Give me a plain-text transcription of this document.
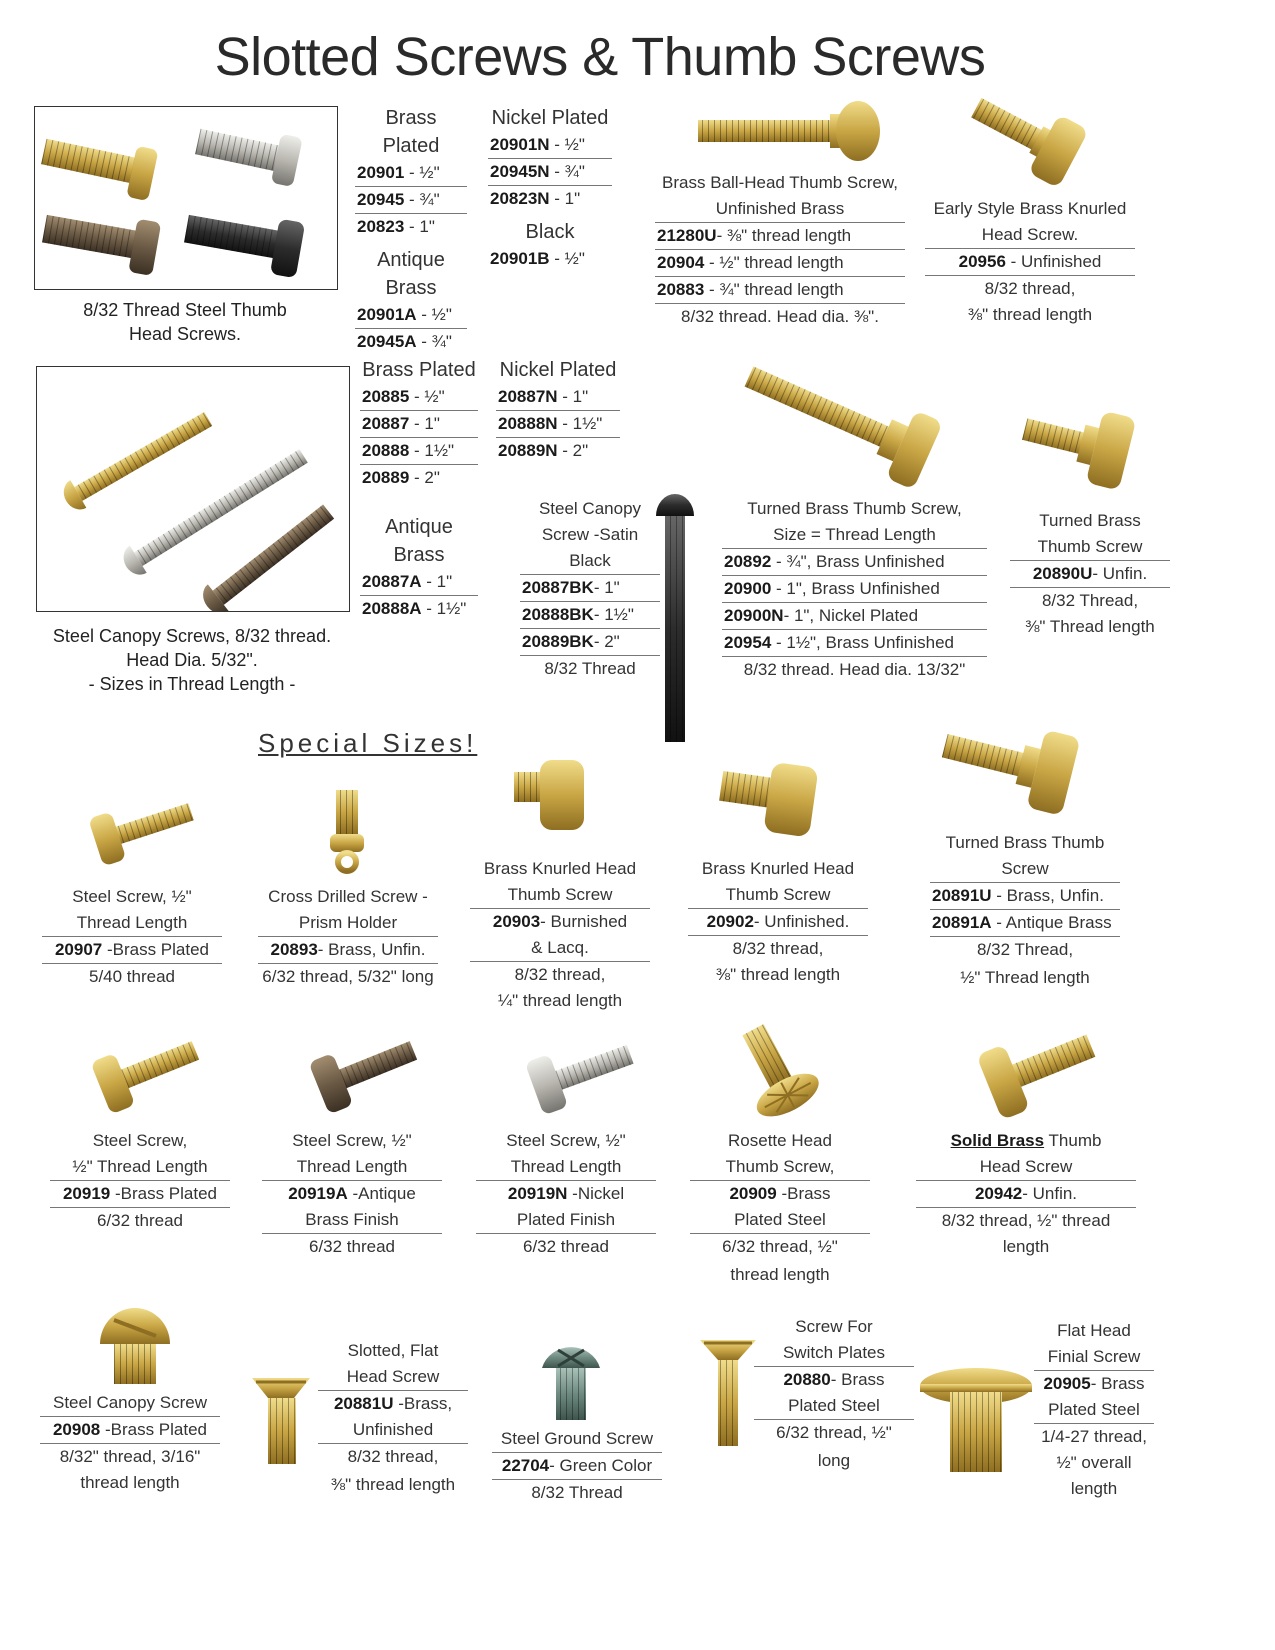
Slotted Screws & Thumb Screws
8/32 Thread Steel Thumb
Head Screws.
Brass Plated
20901 - ½"
20945 - ¾"
20823 - 1"
Antique Brass
20901A - ½"
20945A - ¾"
Nickel Plated
20901N - ½"
20945N - ¾"
20823N - 1"
Black
20901B - ½"
Brass Ball-Head Thumb Screw,
Unfinished Brass
21280U- ⅜" thread length
20904 - ½" thread length
20883 - ¾" thread length
8/32 thread. Head dia. ⅜".
Early Style Brass Knurled
Head Screw.
20956 - Unfinished
8/32 thread,
⅜" thread length
Steel Canopy Screws, 8/32 thread.
Head Dia. 5/32".
- Sizes in Thread Length -
Brass Plated
20885 - ½"
20887 - 1"
20888 - 1½"
20889 - 2"
Antique Brass
20887A - 1"
20888A - 1½"
Nickel Plated
20887N - 1"
20888N - 1½"
20889N - 2"
Steel Canopy
Screw -Satin
Black
20887BK- 1"
20888BK- 1½"
20889BK- 2"
8/32 Thread
Turned Brass Thumb Screw,
Size = Thread Length
20892 - ¾", Brass Unfinished
20900 - 1", Brass Unfinished
20900N- 1", Nickel Plated
20954 - 1½", Brass Unfinished
8/32 thread. Head dia. 13/32"
Turned Brass
Thumb Screw
20890U- Unfin.
8/32 Thread,
⅜" Thread length
Special Sizes!
Steel Screw, ½"
Thread Length
20907 -Brass Plated
5/40 thread
Cross Drilled Screw -
Prism Holder
20893- Brass, Unfin.
6/32 thread, 5/32" long
Brass Knurled Head
Thumb Screw
20903- Burnished
& Lacq.
8/32 thread,
¼" thread length
Brass Knurled Head
Thumb Screw
20902- Unfinished.
8/32 thread,
⅜" thread length
Turned Brass Thumb
Screw
20891U - Brass, Unfin.
20891A - Antique Brass
8/32 Thread,
½" Thread length
Steel Screw,
½" Thread Length
20919 -Brass Plated
6/32 thread
Steel Screw, ½"
Thread Length
20919A -Antique
Brass Finish
6/32 thread
Steel Screw, ½"
Thread Length
20919N -Nickel
Plated Finish
6/32 thread
Rosette Head
Thumb Screw,
20909 -Brass
Plated Steel
6/32 thread, ½"
thread length
Solid Brass Thumb
Head Screw
20942- Unfin.
8/32 thread, ½" thread
length
Steel Canopy Screw
20908 -Brass Plated
8/32" thread, 3/16"
thread length
Slotted, Flat
Head Screw
20881U -Brass,
Unfinished
8/32 thread,
⅜" thread length
Steel Ground Screw
22704- Green Color
8/32 Thread
Screw For
Switch Plates
20880- Brass
Plated Steel
6/32 thread, ½"
long
Flat Head
Finial Screw
20905- Brass
Plated Steel
1/4-27 thread,
½" overall
length
